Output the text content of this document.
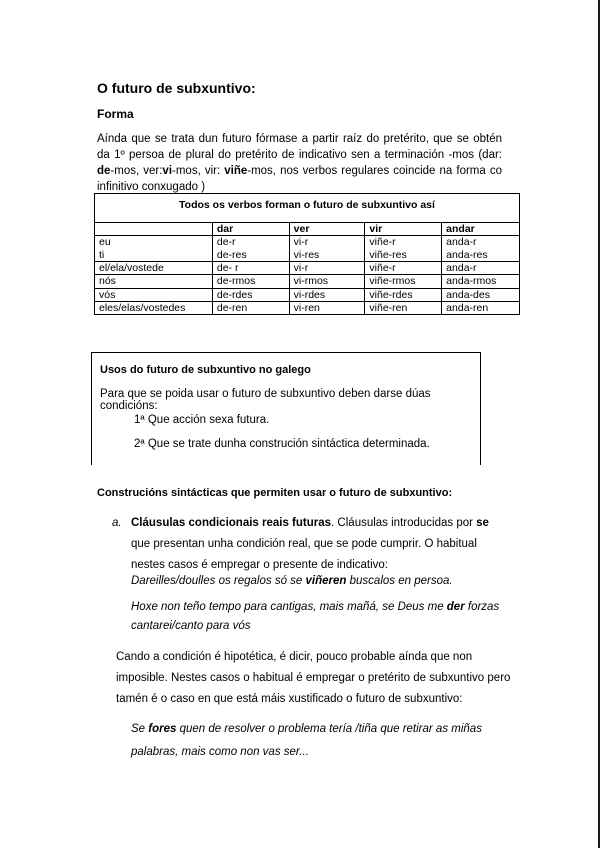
O futuro de subxuntivo:
Forma
Aínda que se trata dun futuro fórmase a partir raíz do pretérito, que se obtén da 1º persoa de plural do pretérito de indicativo sen a terminación -mos (dar: de-mos, ver:vi-mos, vir: viñe-mos, nos verbos regulares coincide na forma co infinitivo conxugado )
Todos os verbos forman o futuro de subxuntivo así				
	dar	ver	vir	andar
eu	de-r	vi-r	viñe-r	anda-r
ti	de-res	vi-res	viñe-res	anda-res
el/ela/vostede	de- r	vi-r	viñe-r	anda-r
nós	de-rmos	vi-rmos	viñe-rmos	anda-rmos
vós	de-rdes	vi-rdes	viñe-rdes	anda-des
eles/elas/vostedes	de-ren	vi-ren	viñe-ren	anda-ren
Usos do futuro de subxuntivo no galego
Para que se poida usar o futuro de subxuntivo deben darse dúas condicións:
1ª Que acción sexa futura.
2ª Que se trate dunha construción sintáctica determinada.
Construcións sintácticas que permiten usar o futuro de subxuntivo:
a. Cláusulas condicionais reais futuras. Cláusulas introducidas por se que presentan unha condición real, que se pode cumprir. O habitual nestes casos é empregar o presente de indicativo:
Dareilles/doulles os regalos só se viñeren buscalos en persoa.
Hoxe non teño tempo para cantigas, mais mañá, se Deus me der forzas cantarei/canto para vós
Cando a condición é hipotética, é dicir, pouco probable aínda que non imposible. Nestes casos o habitual é empregar o pretérito de subxuntivo pero tamén é o caso en que está máis xustificado o futuro de subxuntivo:
Se fores quen de resolver o problema tería /tiña que retirar as miñas palabras, mais como non vas ser...
